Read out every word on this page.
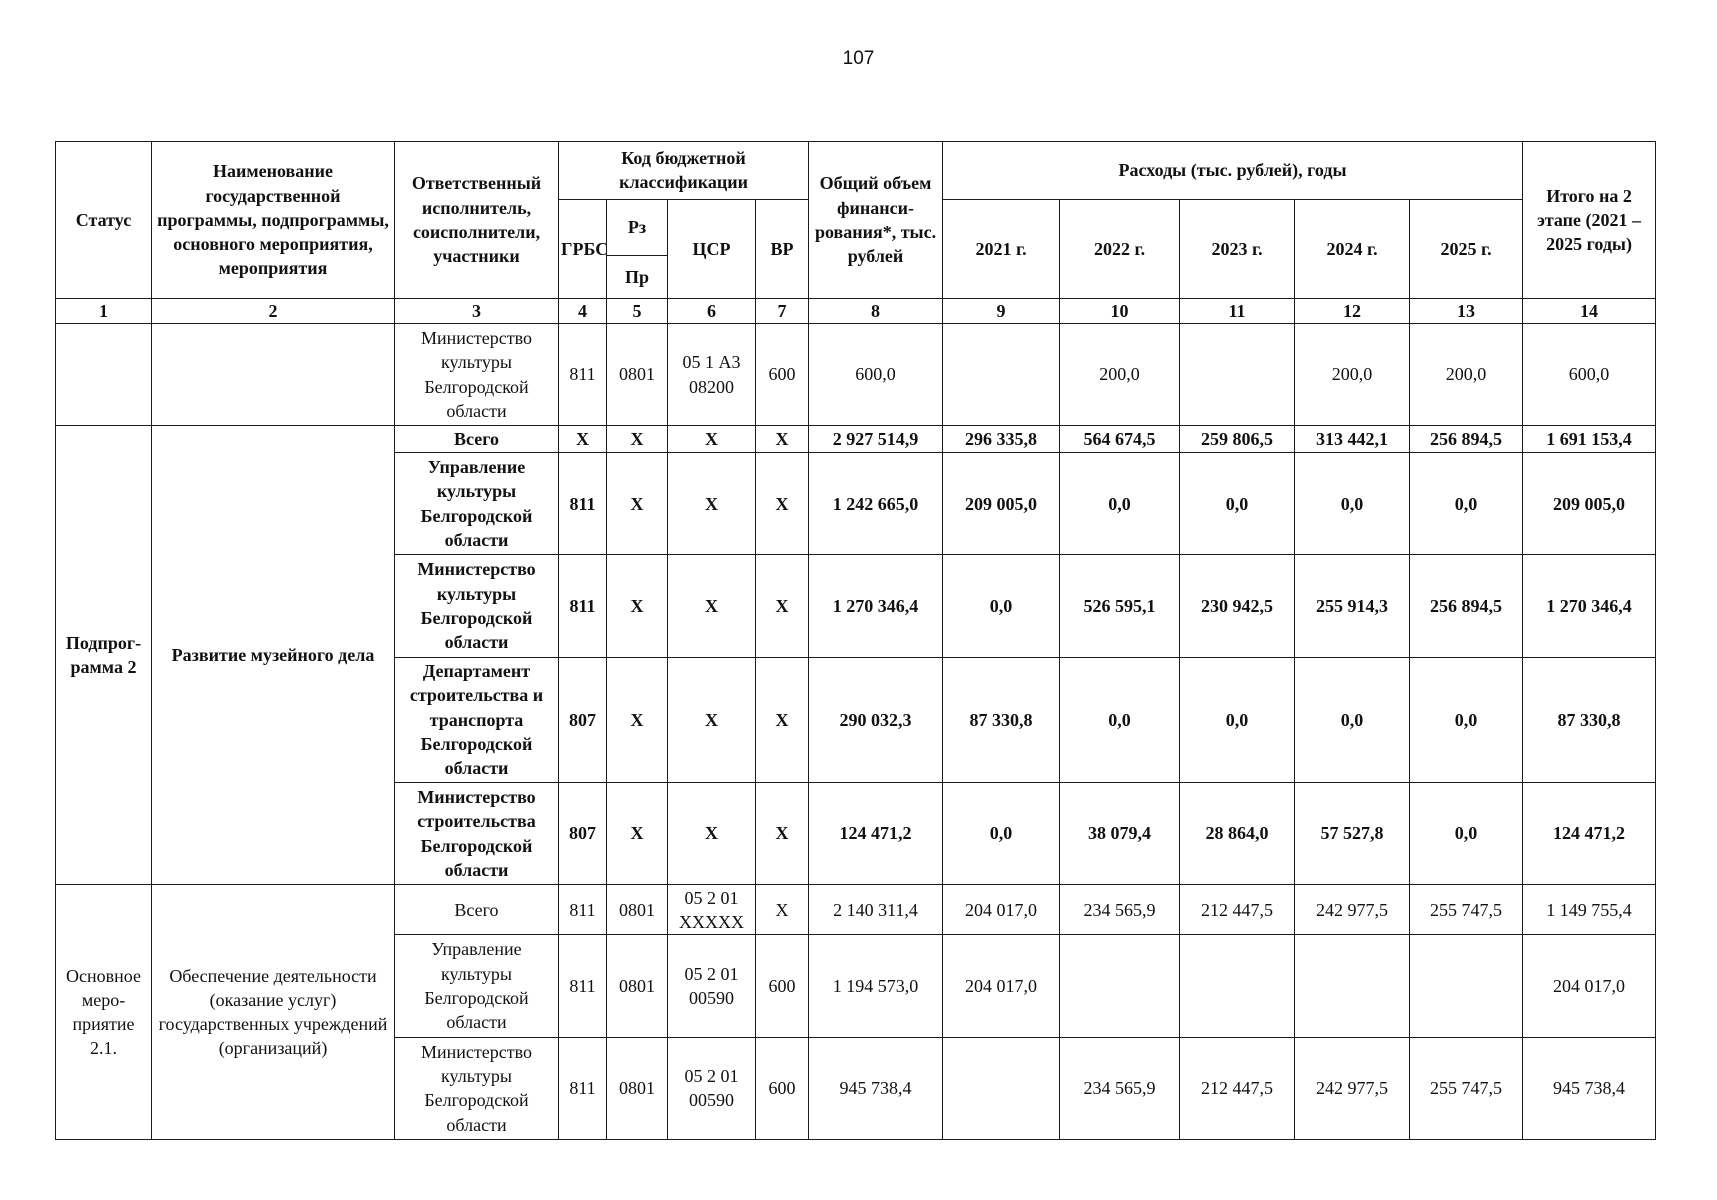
107
Статус	Наименование государственной программы, подпрограммы, основного мероприятия, мероприятия	Ответственный исполнитель, соисполнители, участники	Код бюджетной классификации				Общий объем финанси-рования*, тыс. рублей	Расходы (тыс. рублей), годы					Итого на 2 этапе (2021 – 2025 годы)
			ГРБС	Рз	ЦСР	ВР		2021 г.	2022 г.	2023 г.	2024 г.	2025 г.	
				Пр									
1	2	3	4	5	6	7	8	9	10	11	12	13	14
		Министерство культуры Белгородской области	811	0801	05 1 А3 08200	600	600,0		200,0		200,0	200,0	600,0
Подпрог-рамма 2	Развитие музейного дела	Всего	Х	Х	Х	Х	2 927 514,9	296 335,8	564 674,5	259 806,5	313 442,1	256 894,5	1 691 153,4
		Управление культуры Белгородской области	811	Х	Х	Х	1 242 665,0	209 005,0	0,0	0,0	0,0	0,0	209 005,0
		Министерство культуры Белгородской области	811	Х	Х	Х	1 270 346,4	0,0	526 595,1	230 942,5	255 914,3	256 894,5	1 270 346,4
		Департамент строительства и транспорта Белгородской области	807	Х	Х	Х	290 032,3	87 330,8	0,0	0,0	0,0	0,0	87 330,8
		Министерство строительства Белгородской области	807	Х	Х	Х	124 471,2	0,0	38 079,4	28 864,0	57 527,8	0,0	124 471,2
Основное меро-приятие 2.1.	Обеспечение деятельности (оказание услуг) государственных учреждений (организаций)	Всего	811	0801	05 2 01 ХХХХХ	Х	2 140 311,4	204 017,0	234 565,9	212 447,5	242 977,5	255 747,5	1 149 755,4
		Управление культуры Белгородской области	811	0801	05 2 01 00590	600	1 194 573,0	204 017,0					204 017,0
		Министерство культуры Белгородской области	811	0801	05 2 01 00590	600	945 738,4		234 565,9	212 447,5	242 977,5	255 747,5	945 738,4
